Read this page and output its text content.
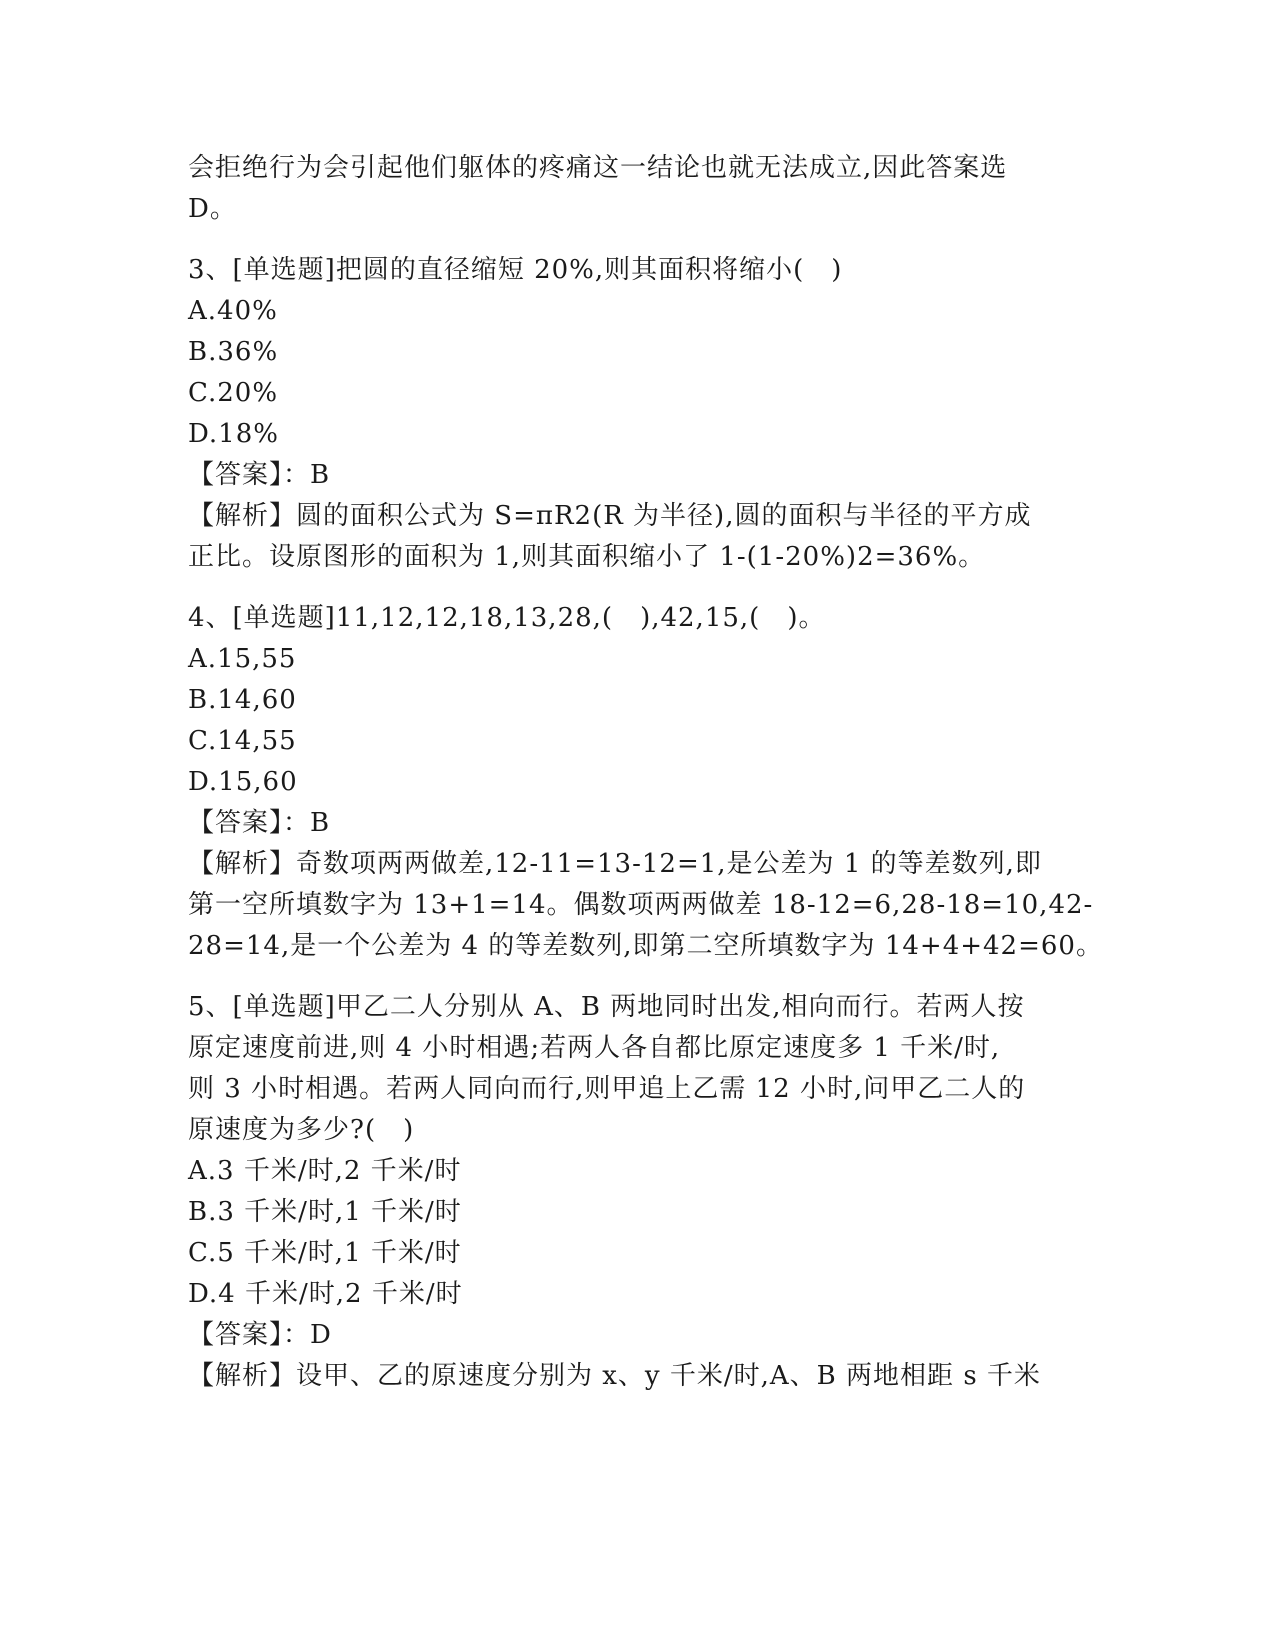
会拒绝行为会引起他们躯体的疼痛这一结论也就无法成立,因此答案选
D。
3、[单选题]把圆的直径缩短 20%,则其面积将缩小(　)
A.40%
B.36%
C.20%
D.18%
【答案】：B
【解析】圆的面积公式为 S=πR2(R 为半径),圆的面积与半径的平方成
正比。设原图形的面积为 1,则其面积缩小了 1-(1-20%)2=36%。
4、[单选题]11,12,12,18,13,28,(　),42,15,(　)。
A.15,55
B.14,60
C.14,55
D.15,60
【答案】：B
【解析】奇数项两两做差,12-11=13-12=1,是公差为 1 的等差数列,即
第一空所填数字为 13+1=14。偶数项两两做差 18-12=6,28-18=10,42-
28=14,是一个公差为 4 的等差数列,即第二空所填数字为 14+4+42=60。
5、[单选题]甲乙二人分别从 A、B 两地同时出发,相向而行。若两人按
原定速度前进,则 4 小时相遇;若两人各自都比原定速度多 1 千米/时,
则 3 小时相遇。若两人同向而行,则甲追上乙需 12 小时,问甲乙二人的
原速度为多少?(　)
A.3 千米/时,2 千米/时
B.3 千米/时,1 千米/时
C.5 千米/时,1 千米/时
D.4 千米/时,2 千米/时
【答案】：D
【解析】设甲、乙的原速度分别为 x、y 千米/时,A、B 两地相距 s 千米
